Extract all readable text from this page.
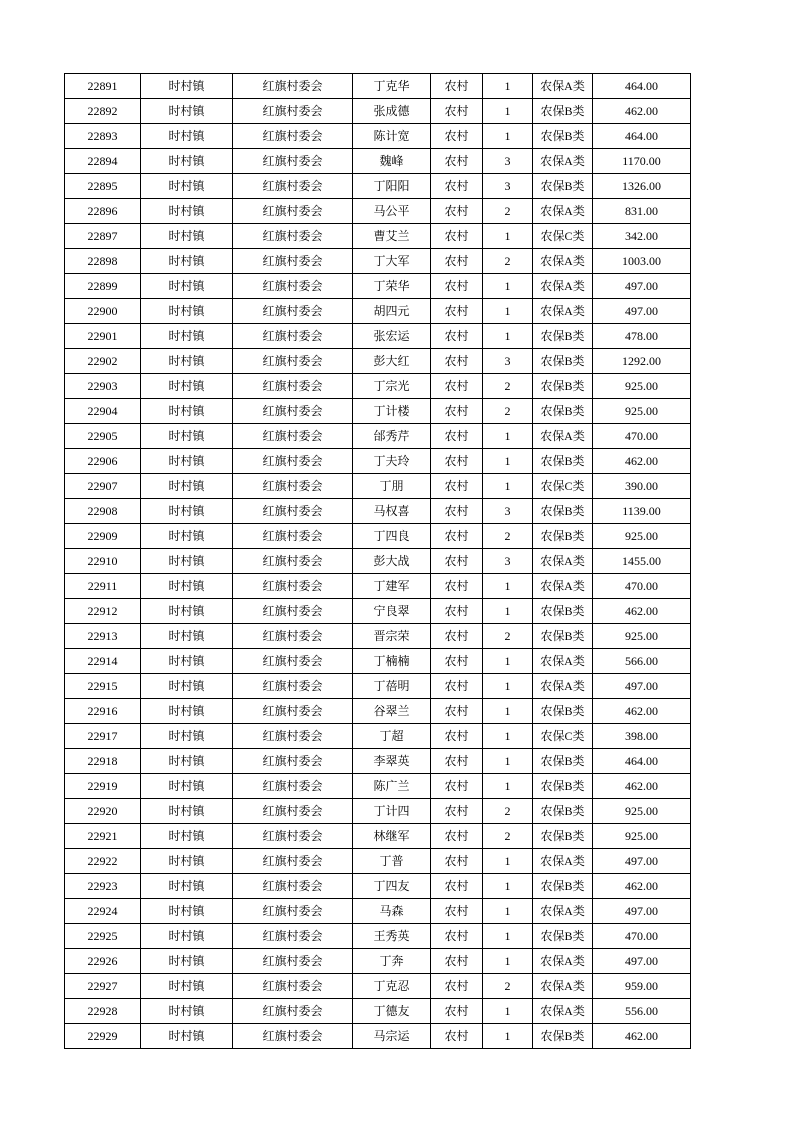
22891	时村镇	红旗村委会	丁克华	农村	1	农保A类	464.00
22892	时村镇	红旗村委会	张成德	农村	1	农保B类	462.00
22893	时村镇	红旗村委会	陈计宽	农村	1	农保B类	464.00
22894	时村镇	红旗村委会	魏峰	农村	3	农保A类	1170.00
22895	时村镇	红旗村委会	丁阳阳	农村	3	农保B类	1326.00
22896	时村镇	红旗村委会	马公平	农村	2	农保A类	831.00
22897	时村镇	红旗村委会	曹艾兰	农村	1	农保C类	342.00
22898	时村镇	红旗村委会	丁大军	农村	2	农保A类	1003.00
22899	时村镇	红旗村委会	丁荣华	农村	1	农保A类	497.00
22900	时村镇	红旗村委会	胡四元	农村	1	农保A类	497.00
22901	时村镇	红旗村委会	张宏运	农村	1	农保B类	478.00
22902	时村镇	红旗村委会	彭大红	农村	3	农保B类	1292.00
22903	时村镇	红旗村委会	丁宗光	农村	2	农保B类	925.00
22904	时村镇	红旗村委会	丁计楼	农村	2	农保B类	925.00
22905	时村镇	红旗村委会	邰秀芹	农村	1	农保A类	470.00
22906	时村镇	红旗村委会	丁夫玲	农村	1	农保B类	462.00
22907	时村镇	红旗村委会	丁朋	农村	1	农保C类	390.00
22908	时村镇	红旗村委会	马权喜	农村	3	农保B类	1139.00
22909	时村镇	红旗村委会	丁四良	农村	2	农保B类	925.00
22910	时村镇	红旗村委会	彭大战	农村	3	农保A类	1455.00
22911	时村镇	红旗村委会	丁建军	农村	1	农保A类	470.00
22912	时村镇	红旗村委会	宁良翠	农村	1	农保B类	462.00
22913	时村镇	红旗村委会	晋宗荣	农村	2	农保B类	925.00
22914	时村镇	红旗村委会	丁楠楠	农村	1	农保A类	566.00
22915	时村镇	红旗村委会	丁蓓明	农村	1	农保A类	497.00
22916	时村镇	红旗村委会	谷翠兰	农村	1	农保B类	462.00
22917	时村镇	红旗村委会	丁超	农村	1	农保C类	398.00
22918	时村镇	红旗村委会	李翠英	农村	1	农保B类	464.00
22919	时村镇	红旗村委会	陈广兰	农村	1	农保B类	462.00
22920	时村镇	红旗村委会	丁计四	农村	2	农保B类	925.00
22921	时村镇	红旗村委会	林继军	农村	2	农保B类	925.00
22922	时村镇	红旗村委会	丁普	农村	1	农保A类	497.00
22923	时村镇	红旗村委会	丁四友	农村	1	农保B类	462.00
22924	时村镇	红旗村委会	马森	农村	1	农保A类	497.00
22925	时村镇	红旗村委会	王秀英	农村	1	农保B类	470.00
22926	时村镇	红旗村委会	丁奔	农村	1	农保A类	497.00
22927	时村镇	红旗村委会	丁克忍	农村	2	农保A类	959.00
22928	时村镇	红旗村委会	丁德友	农村	1	农保A类	556.00
22929	时村镇	红旗村委会	马宗运	农村	1	农保B类	462.00
